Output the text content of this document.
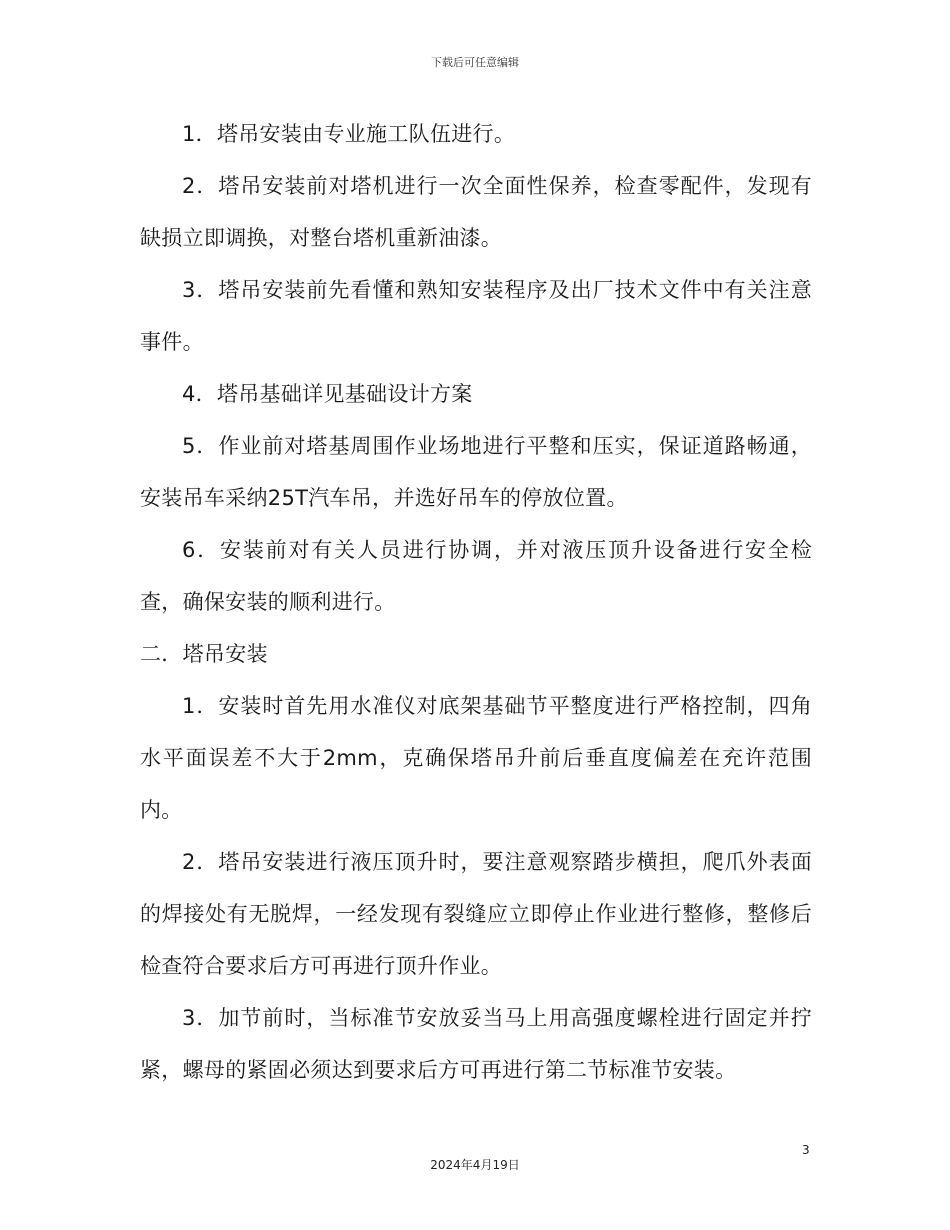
下载后可任意编辑

1．塔吊安装由专业施工队伍进行。

2．塔吊安装前对塔机进行一次全面性保养，检查零配件，发现有缺损立即调换，对整台塔机重新油漆。

3．塔吊安装前先看懂和熟知安装程序及出厂技术文件中有关注意事件。

4．塔吊基础详见基础设计方案

5．作业前对塔基周围作业场地进行平整和压实，保证道路畅通，安装吊车采纳25T汽车吊，并选好吊车的停放位置。

6．安装前对有关人员进行协调，并对液压顶升设备进行安全检查，确保安装的顺利进行。

二．塔吊安装

1．安装时首先用水准仪对底架基础节平整度进行严格控制，四角水平面误差不大于2mm，克确保塔吊升前后垂直度偏差在充许范围内。

2．塔吊安装进行液压顶升时，要注意观察踏步横担，爬爪外表面的焊接处有无脱焊，一经发现有裂缝应立即停止作业进行整修，整修后检查符合要求后方可再进行顶升作业。

3．加节前时，当标准节安放妥当马上用高强度螺栓进行固定并拧紧，螺母的紧固必须达到要求后方可再进行第二节标准节安装。

3
2024年4月19日
